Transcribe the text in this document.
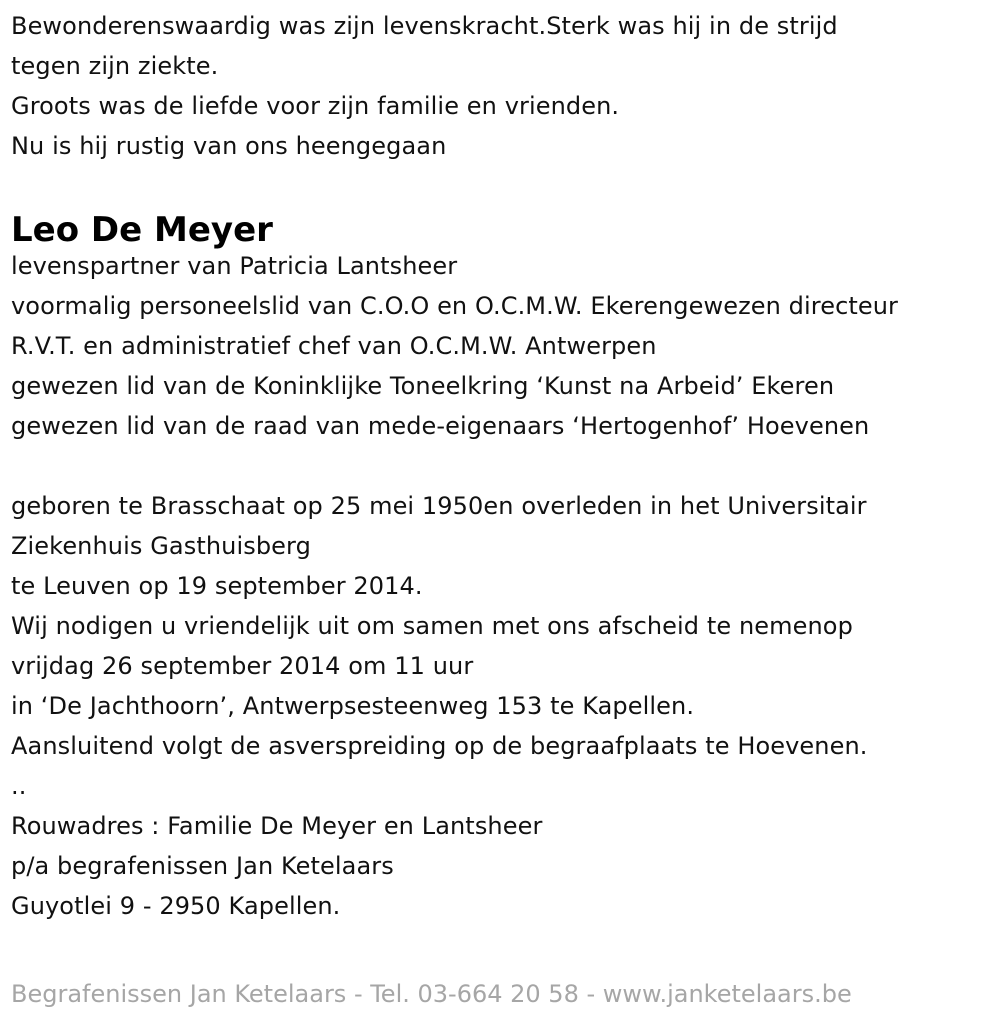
Bewonderenswaardig was zijn levenskracht.Sterk was hij in de strijd
tegen zijn ziekte.
Groots was de liefde voor zijn familie en vrienden.
Nu is hij rustig van ons heengegaan
Leo De Meyer
levenspartner van Patricia Lantsheer
voormalig personeelslid van C.O.O en O.C.M.W. Ekerengewezen directeur
R.V.T. en administratief chef van O.C.M.W. Antwerpen
gewezen lid van de Koninklijke Toneelkring ‘Kunst na Arbeid’ Ekeren
gewezen lid van de raad van mede-eigenaars ‘Hertogenhof’ Hoevenen
geboren te Brasschaat op 25 mei 1950en overleden in het Universitair
Ziekenhuis Gasthuisberg
te Leuven op 19 september 2014.
Wij nodigen u vriendelijk uit om samen met ons afscheid te nemenop
vrijdag 26 september 2014 om 11 uur
in ‘De Jachthoorn’, Antwerpsesteenweg 153 te Kapellen.
Aansluitend volgt de asverspreiding op de begraafplaats te Hoevenen.
..
Rouwadres : Familie De Meyer en Lantsheer
p/a begrafenissen Jan Ketelaars
Guyotlei 9 - 2950 Kapellen.
Begrafenissen Jan Ketelaars - Tel. 03-664 20 58 - www.janketelaars.be
